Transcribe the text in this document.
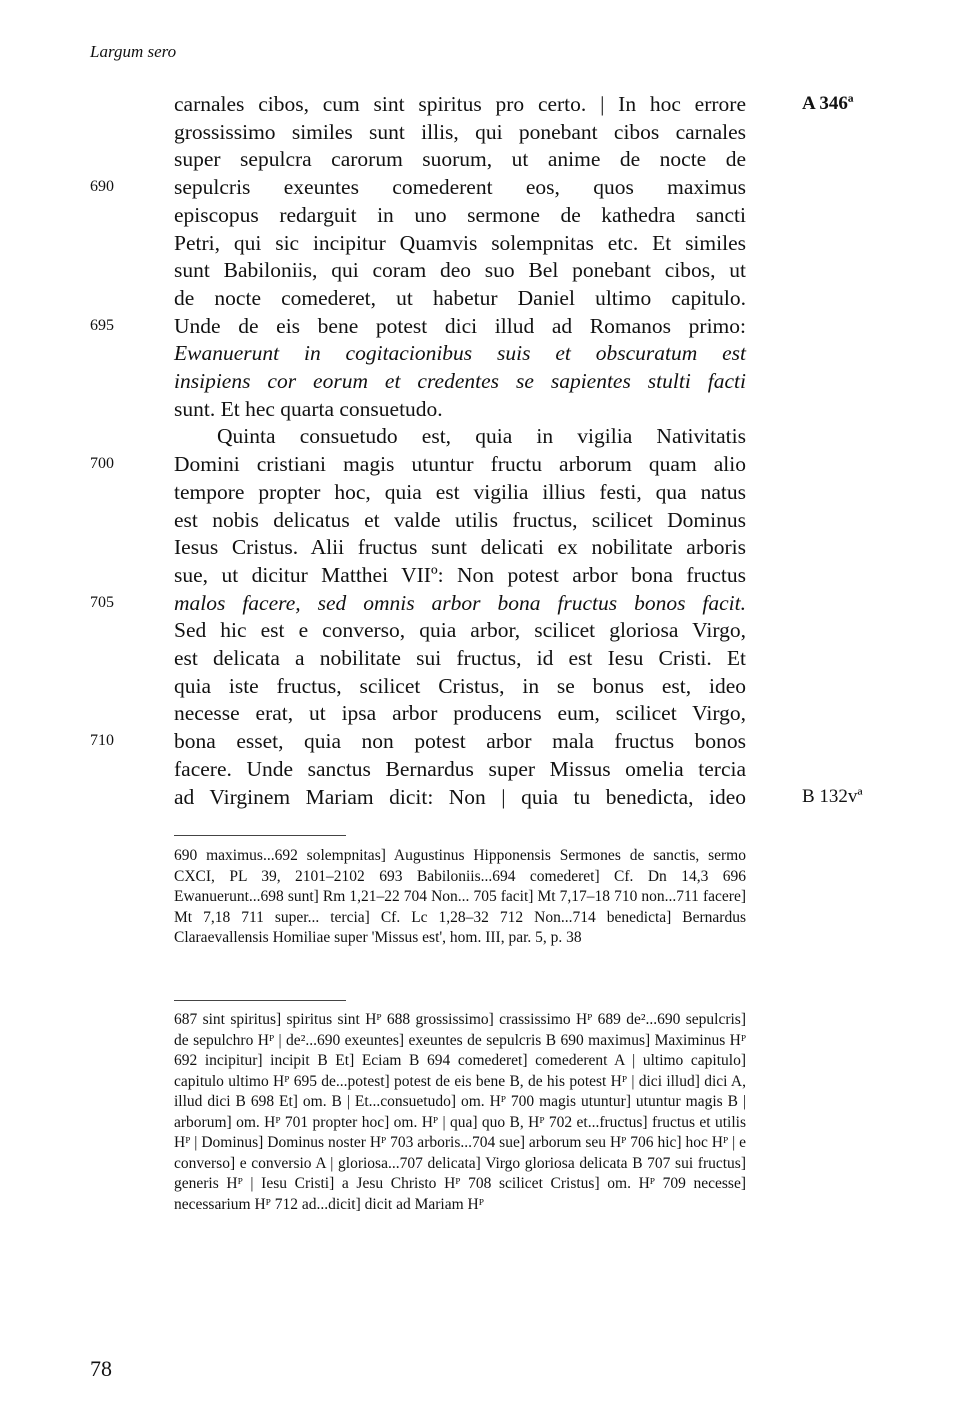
Largum sero
carnales cibos, cum sint spiritus pro certo. | In hoc errore
grossissimo similes sunt illis, qui ponebant cibos carnales
super sepulcra carorum suorum, ut anime de nocte de
sepulcris exeuntes comederent eos, quos maximus
episcopus redarguit in uno sermone de kathedra sancti
Petri, qui sic incipitur Quamvis solempnitas etc. Et similes
sunt Babiloniis, qui coram deo suo Bel ponebant cibos, ut
de nocte comederet, ut habetur Daniel ultimo capitulo.
Unde de eis bene potest dici illud ad Romanos primo:
Ewanuerunt in cogitacionibus suis et obscuratum est
insipiens cor eorum et credentes se sapientes stulti facti
sunt. Et hec quarta consuetudo.
Quinta consuetudo est, quia in vigilia Nativitatis
Domini cristiani magis utuntur fructu arborum quam alio
tempore propter hoc, quia est vigilia illius festi, qua natus
est nobis delicatus et valde utilis fructus, scilicet Dominus
Iesus Cristus. Alii fructus sunt delicati ex nobilitate arboris
sue, ut dicitur Matthei VIIº: Non potest arbor bona fructus
malos facere, sed omnis arbor bona fructus bonos facit.
Sed hic est e converso, quia arbor, scilicet gloriosa Virgo,
est delicata a nobilitate sui fructus, id est Iesu Cristi. Et
quia iste fructus, scilicet Cristus, in se bonus est, ideo
necesse erat, ut ipsa arbor producens eum, scilicet Virgo,
bona esset, quia non potest arbor mala fructus bonos
facere. Unde sanctus Bernardus super Missus omelia tercia
ad Virginem Mariam dicit: Non | quia tu benedicta, ideo
690
695
700
705
710
A 346ª
B 132vª
690 maximus...692 solempnitas] Augustinus Hipponensis Sermones de sanctis, sermo CXCI, PL 39, 2101–2102 693 Babiloniis...694 comederet] Cf. Dn 14,3 696 Ewanuerunt...698 sunt] Rm 1,21–22 704 Non... 705 facit] Mt 7,17–18 710 non...711 facere] Mt 7,18 711 super... tercia] Cf. Lc 1,28–32 712 Non...714 benedicta] Bernardus Claraevallensis Homiliae super 'Missus est', hom. III, par. 5, p. 38
687 sint spiritus] spiritus sint Hᴾ 688 grossissimo] crassissimo Hᴾ 689 de²...690 sepulcris] de sepulchro Hᴾ | de²...690 exeuntes] exeuntes de sepulcris B 690 maximus] Maximinus Hᴾ 692 incipitur] incipit B Et] Eciam B 694 comederet] comederent A | ultimo capitulo] capitulo ultimo Hᴾ 695 de...potest] potest de eis bene B, de his potest Hᴾ | dici illud] dici A, illud dici B 698 Et] om. B | Et...consuetudo] om. Hᴾ 700 magis utuntur] utuntur magis B | arborum] om. Hᴾ 701 propter hoc] om. Hᴾ | qua] quo B, Hᴾ 702 et...fructus] fructus et utilis Hᴾ | Dominus] Dominus noster Hᴾ 703 arboris...704 sue] arborum seu Hᴾ 706 hic] hoc Hᴾ | e converso] e conversio A | gloriosa...707 delicata] Virgo gloriosa delicata B 707 sui fructus] generis Hᴾ | Iesu Cristi] a Jesu Christo Hᴾ 708 scilicet Cristus] om. Hᴾ 709 necesse] necessarium Hᴾ 712 ad...dicit] dicit ad Mariam Hᴾ
78
